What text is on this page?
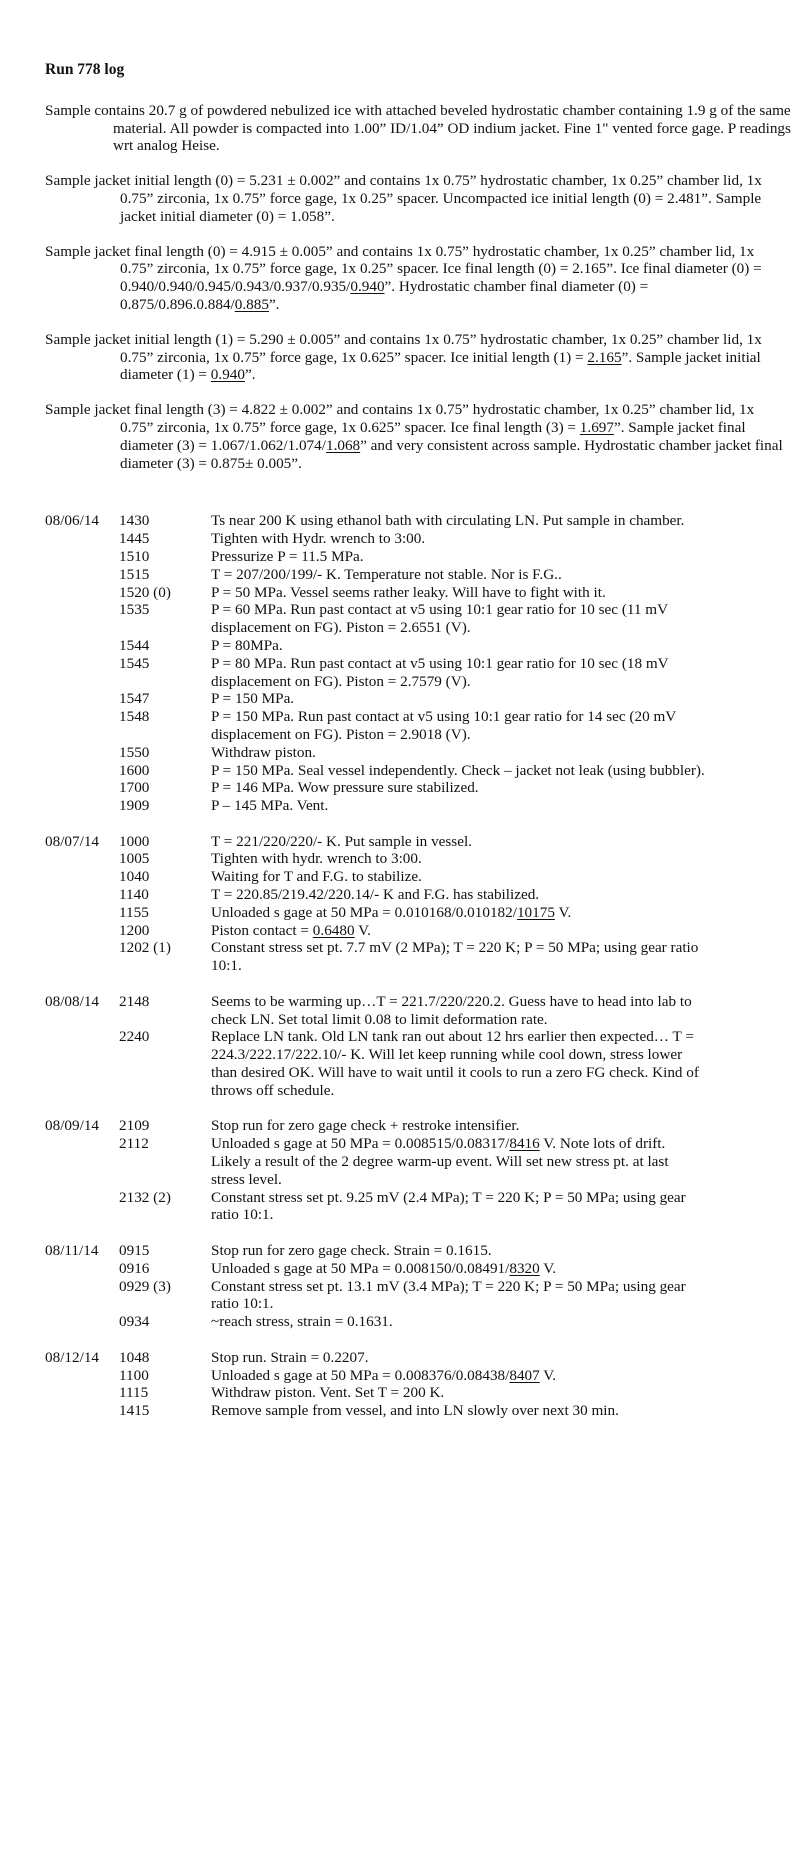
Run 778 log

Sample contains 20.7 g of powdered nebulized ice with attached beveled hydrostatic chamber containing 1.9 g of the same material. All powder is compacted into 1.00” ID/1.04” OD indium jacket. Fine 1" vented force gage. P readings wrt analog Heise.

Sample jacket initial length (0) = 5.231 ± 0.002” and contains 1x 0.75” hydrostatic chamber, 1x 0.25” chamber lid, 1x 0.75” zirconia, 1x 0.75” force gage, 1x 0.25” spacer. Uncompacted ice initial length (0) = 2.481”. Sample jacket initial diameter (0) = 1.058”.

Sample jacket final length (0) = 4.915 ± 0.005” and contains 1x 0.75” hydrostatic chamber, 1x 0.25” chamber lid, 1x 0.75” zirconia, 1x 0.75” force gage, 1x 0.25” spacer. Ice final length (0) = 2.165”. Ice final diameter (0) = 0.940/0.940/0.945/0.943/0.937/0.935/0.940”. Hydrostatic chamber final diameter (0) = 0.875/0.896.0.884/0.885”.

Sample jacket initial length (1) = 5.290 ± 0.005” and contains 1x 0.75” hydrostatic chamber, 1x 0.25” chamber lid, 1x 0.75” zirconia, 1x 0.75” force gage, 1x 0.625” spacer. Ice initial length (1) = 2.165”. Sample jacket initial diameter (1) = 0.940”.

Sample jacket final length (3) = 4.822 ± 0.002” and contains 1x 0.75” hydrostatic chamber, 1x 0.25” chamber lid, 1x 0.75” zirconia, 1x 0.75” force gage, 1x 0.625” spacer. Ice final length (3) = 1.697”. Sample jacket final diameter (3) = 1.067/1.062/1.074/1.068” and very consistent across sample. Hydrostatic chamber jacket final diameter (3) = 0.875± 0.005”.

08/06/14	1430	Ts near 200 K using ethanol bath with circulating LN. Put sample in chamber.
1445	Tighten with Hydr. wrench to 3:00.
1510	Pressurize P = 11.5 MPa.
1515	T = 207/200/199/- K. Temperature not stable. Nor is F.G..
1520 (0)	P = 50 MPa. Vessel seems rather leaky. Will have to fight with it.
1535	P = 60 MPa. Run past contact at v5 using 10:1 gear ratio for 10 sec (11 mV displacement on FG). Piston = 2.6551 (V).
1544	P = 80MPa.
1545	P = 80 MPa. Run past contact at v5 using 10:1 gear ratio for 10 sec (18 mV displacement on FG). Piston = 2.7579 (V).
1547	P = 150 MPa.
1548	P = 150 MPa. Run past contact at v5 using 10:1 gear ratio for 14 sec (20 mV displacement on FG). Piston = 2.9018 (V).
1550	Withdraw piston.
1600	P = 150 MPa. Seal vessel independently. Check – jacket not leak (using bubbler).
1700	P = 146 MPa. Wow pressure sure stabilized.
1909	P – 145 MPa. Vent.
08/07/14	1000	T = 221/220/220/- K. Put sample in vessel.
1005	Tighten with hydr. wrench to 3:00.
1040	Waiting for T and F.G. to stabilize.
1140	T = 220.85/219.42/220.14/- K and F.G. has stabilized.
1155	Unloaded s gage at 50 MPa = 0.010168/0.010182/10175 V.
1200	Piston contact = 0.6480 V.
1202 (1)	Constant stress set pt. 7.7 mV (2 MPa); T = 220 K; P = 50 MPa; using gear ratio 10:1.
08/08/14	2148	Seems to be warming up…T = 221.7/220/220.2. Guess have to head into lab to check LN. Set total limit 0.08 to limit deformation rate.
2240	Replace LN tank. Old LN tank ran out about 12 hrs earlier then expected… T = 224.3/222.17/222.10/- K. Will let keep running while cool down, stress lower than desired OK. Will have to wait until it cools to run a zero FG check. Kind of throws off schedule.
08/09/14	2109	Stop run for zero gage check + restroke intensifier.
2112	Unloaded s gage at 50 MPa = 0.008515/0.08317/8416 V. Note lots of drift. Likely a result of the 2 degree warm-up event. Will set new stress pt. at last stress level.
2132 (2)	Constant stress set pt. 9.25 mV (2.4 MPa); T = 220 K; P = 50 MPa; using gear ratio 10:1.
08/11/14	0915	Stop run for zero gage check. Strain = 0.1615.
0916	Unloaded s gage at 50 MPa = 0.008150/0.08491/8320 V.
0929 (3)	Constant stress set pt. 13.1 mV (3.4 MPa); T = 220 K; P = 50 MPa; using gear ratio 10:1.
0934	~reach stress, strain = 0.1631.
08/12/14	1048	Stop run. Strain = 0.2207.
1100	Unloaded s gage at 50 MPa = 0.008376/0.08438/8407 V.
1115	Withdraw piston. Vent. Set T = 200 K.
1415	Remove sample from vessel, and into LN slowly over next 30 min.
